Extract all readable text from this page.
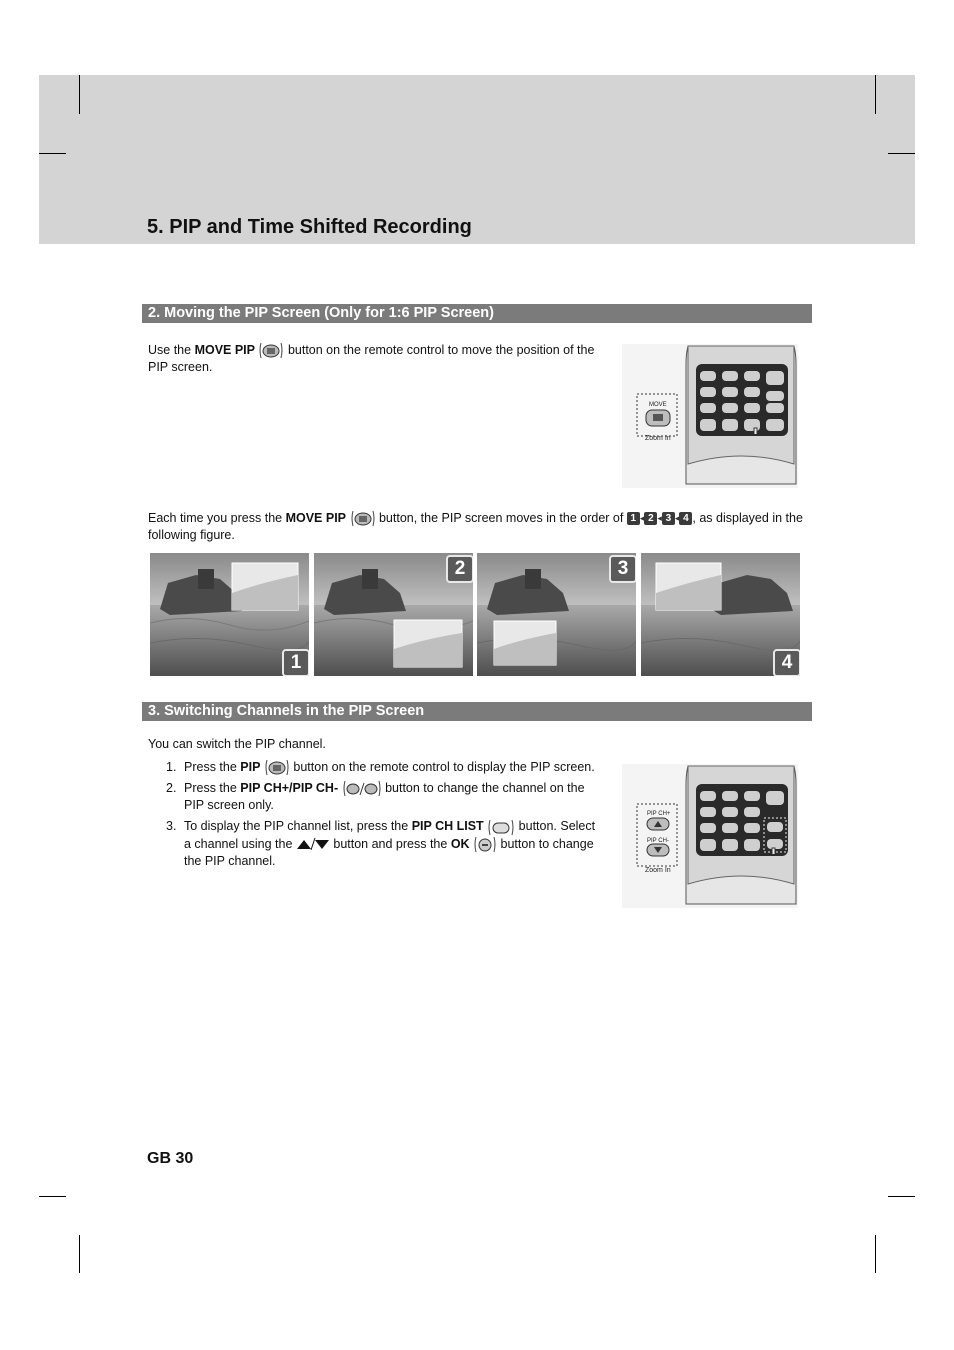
5. PIP and Time Shifted Recording
2. Moving the PIP Screen (Only for 1:6 PIP Screen)
Use the MOVE PIP  button on the remote control to move the position of the PIP screen.
MOVE
Zoom In
Each time you press the MOVE PIP  button, the PIP screen moves in the order of 1 ◂ 2 ◂ 3 ◂ 4 , as displayed in the following figure.
1
2	3
4
3. Switching Channels in the PIP Screen
You can switch the PIP channel.
1. Press the PIP  button on the remote control to display the PIP screen.
2. Press the PIP CH+/PIP CH-	button to change the channel on the PIP screen only.
3. To display the PIP channel list, press the PIP CH LIST	button. Select a channel using the	button and press the OK  button to change the PIP channel.
PIP CH+
PIP CH-
Zoom In
GB 30
